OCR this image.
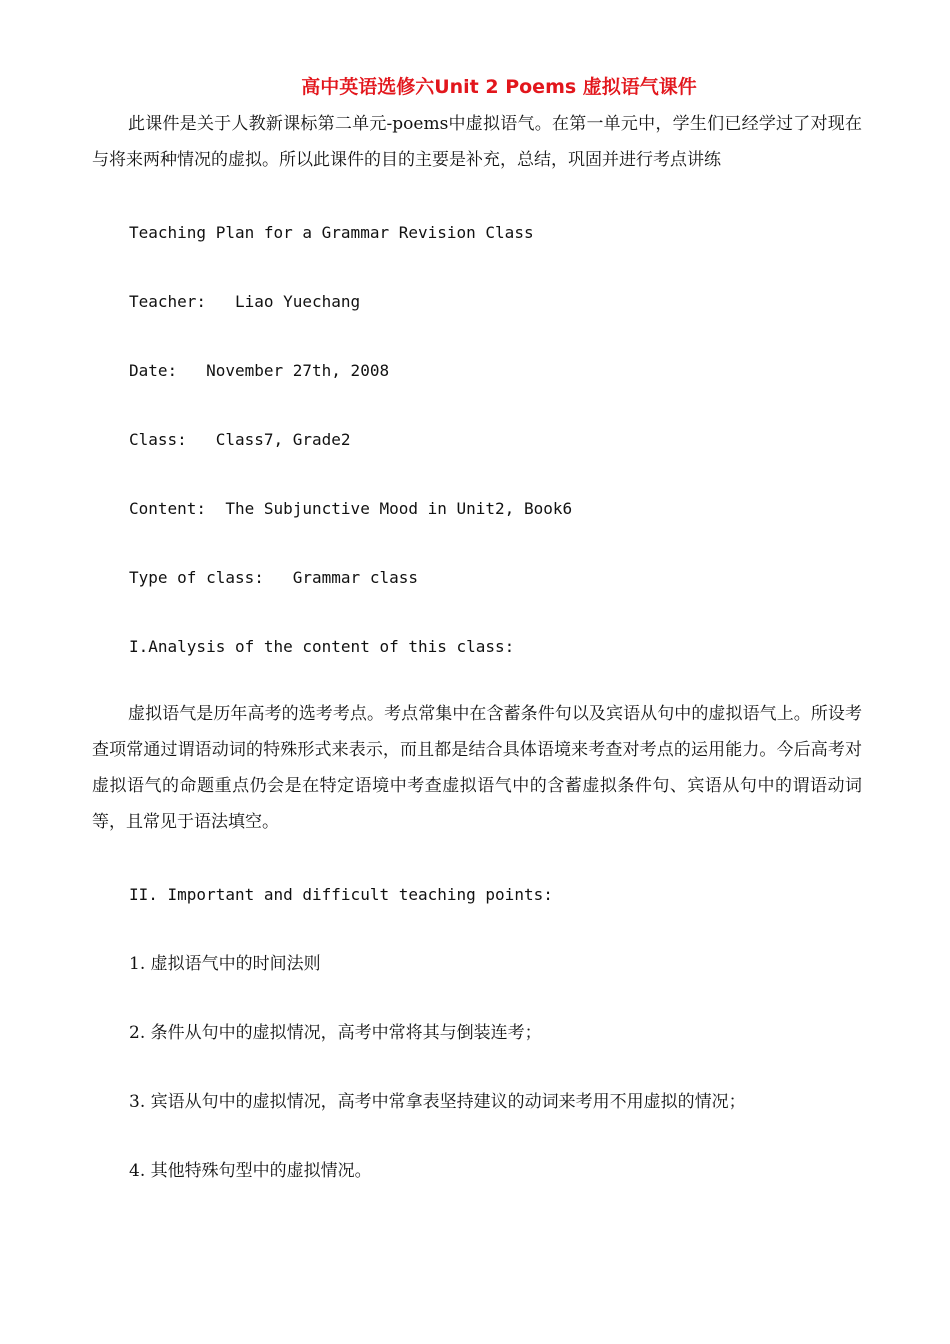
高中英语选修六Unit 2 Poems 虚拟语气课件

此课件是关于人教新课标第二单元-poems中虚拟语气。在第一单元中，学生们已经学过了对现在与将来两种情况的虚拟。所以此课件的目的主要是补充，总结，巩固并进行考点讲练

Teaching Plan for a Grammar Revision Class
Teacher:   Liao Yuechang
Date:   November 27th, 2008
Class:   Class7, Grade2
Content:  The Subjunctive Mood in Unit2, Book6
Type of class:   Grammar class
I.Analysis of the content of this class:

虚拟语气是历年高考的选考考点。考点常集中在含蓄条件句以及宾语从句中的虚拟语气上。所设考查项常通过谓语动词的特殊形式来表示，而且都是结合具体语境来考查对考点的运用能力。今后高考对虚拟语气的命题重点仍会是在特定语境中考查虚拟语气中的含蓄虚拟条件句、宾语从句中的谓语动词等，且常见于语法填空。

II. Important and difficult teaching points:
1. 虚拟语气中的时间法则
2. 条件从句中的虚拟情况，高考中常将其与倒装连考；
3. 宾语从句中的虚拟情况，高考中常拿表坚持建议的动词来考用不用虚拟的情况；
4. 其他特殊句型中的虚拟情况。
